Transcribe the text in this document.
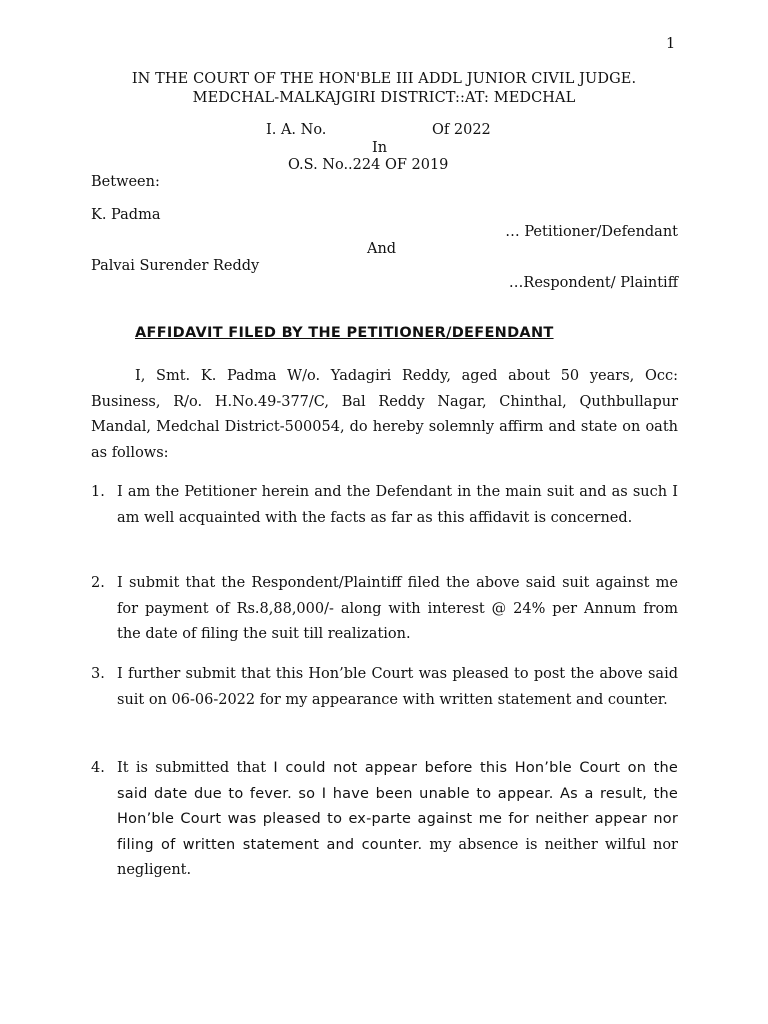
1
IN THE COURT OF THE HON'BLE III ADDL JUNIOR CIVIL JUDGE.
MEDCHAL-MALKAJGIRI DISTRICT::AT: MEDCHAL
I. A. No.	Of 2022
In
O.S. No..224 OF 2019
Between:
K. Padma
… Petitioner/Defendant
And
Palvai Surender Reddy
…Respondent/ Plaintiff
AFFIDAVIT FILED BY THE PETITIONER/DEFENDANT
I, Smt. K. Padma W/o. Yadagiri Reddy, aged about 50 years, Occ: Business, R/o. H.No.49-377/C, Bal Reddy Nagar, Chinthal, Quthbullapur Mandal, Medchal District-500054, do hereby solemnly affirm and state on oath as follows:
1. I am the Petitioner herein and the Defendant in the main suit and as such I am well acquainted with the facts as far as this affidavit is concerned.
2. I submit that the Respondent/Plaintiff filed the above said suit against me for payment of Rs.8,88,000/- along with interest @ 24% per Annum from the date of filing the suit till realization.
3. I further submit that this Hon’ble Court was pleased to post the above said suit on 06-06-2022 for my appearance with written statement and counter.
4. It is submitted that I could not appear before this Hon’ble Court on the said date due to fever. so I have been unable to appear. As a result, the Hon’ble Court was pleased to ex-parte against me for neither appear nor filing of written statement and counter. my absence is neither wilful nor negligent.
